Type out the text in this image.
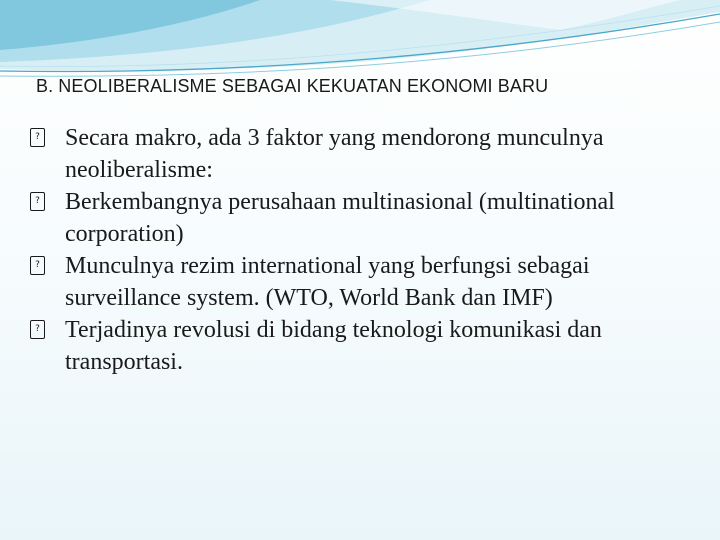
B. NEOLIBERALISME SEBAGAI KEKUATAN EKONOMI BARU
? Secara makro, ada 3 faktor yang mendorong munculnya neoliberalisme:
? Berkembangnya perusahaan multinasional (multinational corporation)
? Munculnya rezim international yang berfungsi sebagai surveillance system. (WTO, World Bank dan IMF)
? Terjadinya revolusi di bidang teknologi komunikasi dan transportasi.
